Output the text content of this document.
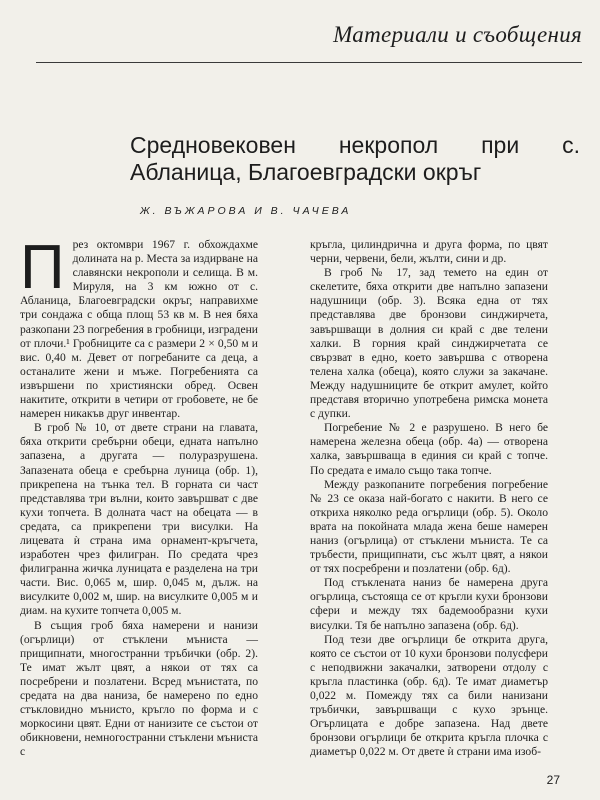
Материали и съобщения
Средновековен некропол при с. Абланица, Благоевградски окръг
Ж. ВЪЖАРОВА И В. ЧАЧЕВА

През октомври 1967 г. обхождахме долината на р. Места за издирване на славянски некрополи и селища. В м. Мируля, на 3 км южно от с. Абланица, Благоевградски окръг, направихме три сондажа с обща площ 53 кв м. В нея бяха разкопани 23 погребения в гробници, изградени от плочи.¹ Гробниците са с размери 2 × 0,50 м и вис. 0,40 м. Девет от погребаните са деца, а останалите жени и мъже. Погребенията са извършени по християнски обред. Освен накитите, открити в четири от гробовете, не бе намерен никакъв друг инвентар.

В гроб № 10, от двете страни на главата, бяха открити сребърни обеци, едната напълно запазена, а другата — полуразрушена. Запазената обеца е сребърна луница (обр. 1), прикрепена на тънка тел. В горната си част представлява три вълни, които завършват с две кухи топчета. В долната част на обецата — в средата, са прикрепени три висулки. На лицевата ѝ страна има орнамент-кръгчета, изработен чрез филигран. По средата чрез филигранна жичка луницата е разделена на три части. Вис. 0,065 м, шир. 0,045 м, дълж. на висулките 0,002 м, шир. на висулките 0,005 м и диам. на кухите топчета 0,005 м.

В същия гроб бяха намерени и нанизи (огърлици) от стъклени мъниста — прищипнати, многостранни тръбички (обр. 2). Те имат жълт цвят, а някои от тях са посребрени и позлатени. Всред мънистата, по средата на два наниза, бе намерено по едно стъкловидно мънисто, кръгло по форма и с моркосини цвят. Едни от нанизите се състои от обикновени, немногостранни стъклени мъниста с

кръгла, цилиндрична и друга форма, по цвят черни, червени, бели, жълти, сини и др.

В гроб № 17, зад темето на един от скелетите, бяха открити две напълно запазени надушници (обр. 3). Всяка една от тях представлява две бронзови синджирчета, завършващи в долния си край с две телени халки. В горния край синджирчетата се свързват в едно, което завършва с отворена телена халка (обеца), която служи за закачане. Между надушниците бе открит амулет, който представя вторично употребена римска монета с дупки.

Погребение № 2 е разрушено. В него бе намерена железна обеца (обр. 4а) — отворена халка, завършваща в единия си край с топче. По средата е имало също така топче.

Между разкопаните погребения погребение № 23 се оказа най-богато с накити. В него се откриха няколко реда огърлици (обр. 5). Около врата на покойната млада жена беше намерен наниз (огърлица) от стъклени мъниста. Те са тръбести, прищипнати, със жълт цвят, а някои от тях посребрени и позлатени (обр. 6д).

Под стъклената наниз бе намерена друга огърлица, състояща се от кръгли кухи бронзови сфери и между тях бадемообразни кухи висулки. Тя бе напълно запазена (обр. 6д).

Под тези две огърлици бе открита друга, която се състои от 10 кухи бронзови полусфери с неподвижни закачалки, затворени отдолу с кръгла пластинка (обр. 6д). Те имат диаметър 0,022 м. Помежду тях са били нанизани тръбички, завършващи с кухо зрънце. Огърлицата е добре запазена. Над двете бронзови огърлици бе открита кръгла плочка с диаметър 0,022 м. От двете ѝ страни има изоб-

27
